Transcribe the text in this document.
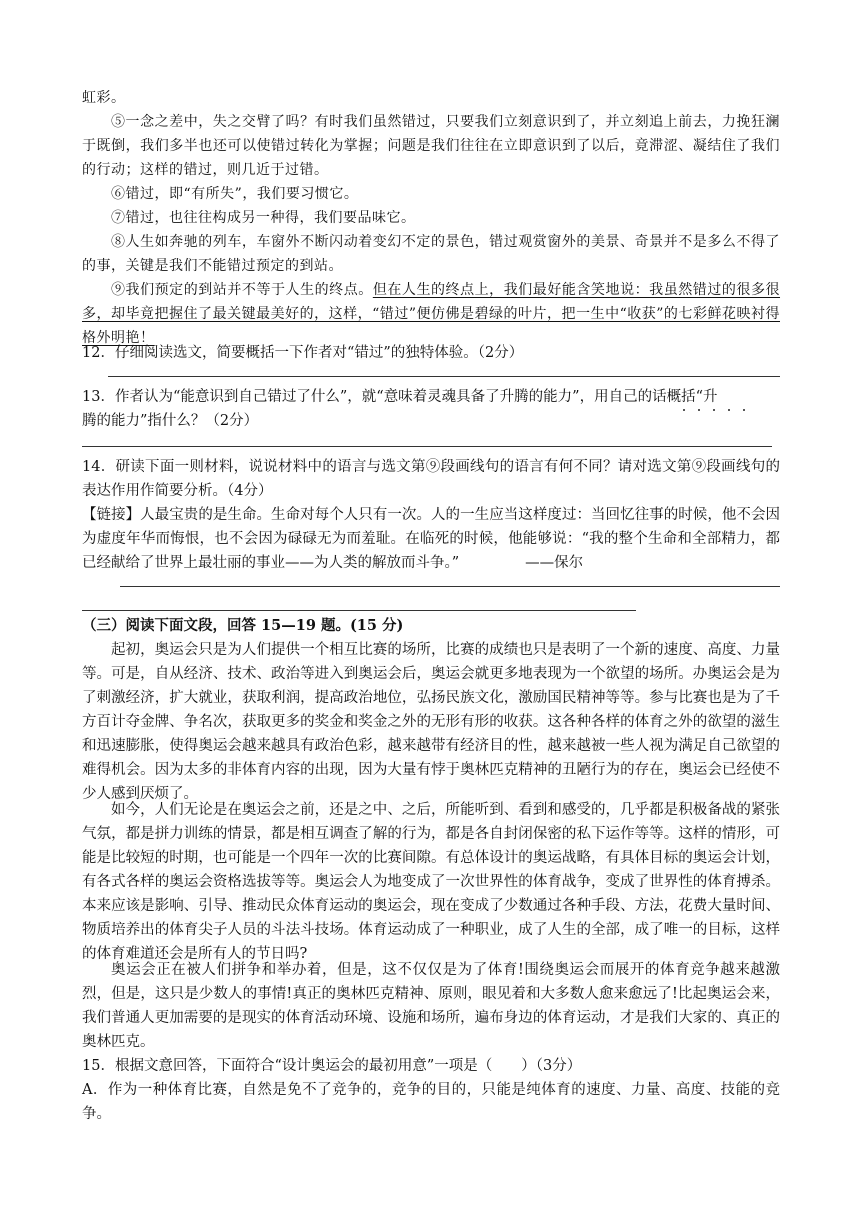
虹彩。
⑤一念之差中，失之交臂了吗？有时我们虽然错过，只要我们立刻意识到了，并立刻追上前去，力挽狂澜于既倒，我们多半也还可以使错过转化为掌握；问题是我们往往在立即意识到了以后，竟滞涩、凝结住了我们的行动；这样的错过，则几近于过错。
⑥错过，即“有所失”，我们要习惯它。
⑦错过，也往往构成另一种得，我们要品味它。
⑧人生如奔驰的列车，车窗外不断闪动着变幻不定的景色，错过观赏窗外的美景、奇景并不是多么不得了的事，关键是我们不能错过预定的到站。
⑨我们预定的到站并不等于人生的终点。但在人生的终点上，我们最好能含笑地说：我虽然错过的很多很多，却毕竟把握住了最关键最美好的，这样，“错过”便仿佛是碧绿的叶片，把一生中“收获”的七彩鲜花映衬得格外明艳！
12．仔细阅读选文，简要概括一下作者对“错过”的独特体验。（2分）
13．作者认为“能意识到自己错过了什么”，就“意味着灵魂具备了升腾的能力”，用自己的话概括“升
腾的能力”指什么？（2分）
14．研读下面一则材料，说说材料中的语言与选文第⑨段画线句的语言有何不同？请对选文第⑨段画线句的表达作用作简要分析。（4分）
【链接】人最宝贵的是生命。生命对每个人只有一次。人的一生应当这样度过：当回忆往事的时候，他不会因为虚度年华而悔恨，也不会因为碌碌无为而羞耻。在临死的时候，他能够说：“我的整个生命和全部精力，都已经献给了世界上最壮丽的事业——为人类的解放而斗争。”	——保尔
（三）阅读下面文段，回答 15—19 题。(15 分)
起初，奥运会只是为人们提供一个相互比赛的场所，比赛的成绩也只是表明了一个新的速度、高度、力量等。可是，自从经济、技术、政治等进入到奥运会后，奥运会就更多地表现为一个欲望的场所。办奥运会是为了刺激经济，扩大就业，获取利润，提高政治地位，弘扬民族文化，激励国民精神等等。参与比赛也是为了千方百计夺金牌、争名次，获取更多的奖金和奖金之外的无形有形的收获。这各种各样的体育之外的欲望的滋生和迅速膨胀，使得奥运会越来越具有政治色彩，越来越带有经济目的性，越来越被一些人视为满足自己欲望的难得机会。因为太多的非体育内容的出现，因为大量有悖于奥林匹克精神的丑陋行为的存在，奥运会已经使不少人感到厌烦了。
如今，人们无论是在奥运会之前，还是之中、之后，所能听到、看到和感受的，几乎都是积极备战的紧张气氛，都是拼力训练的情景，都是相互调查了解的行为，都是各自封闭保密的私下运作等等。这样的情形，可能是比较短的时期，也可能是一个四年一次的比赛间隙。有总体设计的奥运战略，有具体目标的奥运会计划，有各式各样的奥运会资格选拔等等。奥运会人为地变成了一次世界性的体育战争，变成了世界性的体育搏杀。本来应该是影响、引导、推动民众体育运动的奥运会，现在变成了少数通过各种手段、方法，花费大量时间、物质培养出的体育尖子人员的斗法斗技场。体育运动成了一种职业，成了人生的全部，成了唯一的目标，这样的体育难道还会是所有人的节日吗?
奥运会正在被人们拼争和举办着，但是，这不仅仅是为了体育!围绕奥运会而展开的体育竞争越来越激烈，但是，这只是少数人的事情!真正的奥林匹克精神、原则，眼见着和大多数人愈来愈远了!比起奥运会来，我们普通人更加需要的是现实的体育活动环境、设施和场所，遍布身边的体育运动，才是我们大家的、真正的奥林匹克。
15．根据文意回答，下面符合“设计奥运会的最初用意”一项是（　　）（3分）
A．作为一种体育比赛，自然是免不了竞争的，竞争的目的，只能是纯体育的速度、力量、高度、技能的竞争。
